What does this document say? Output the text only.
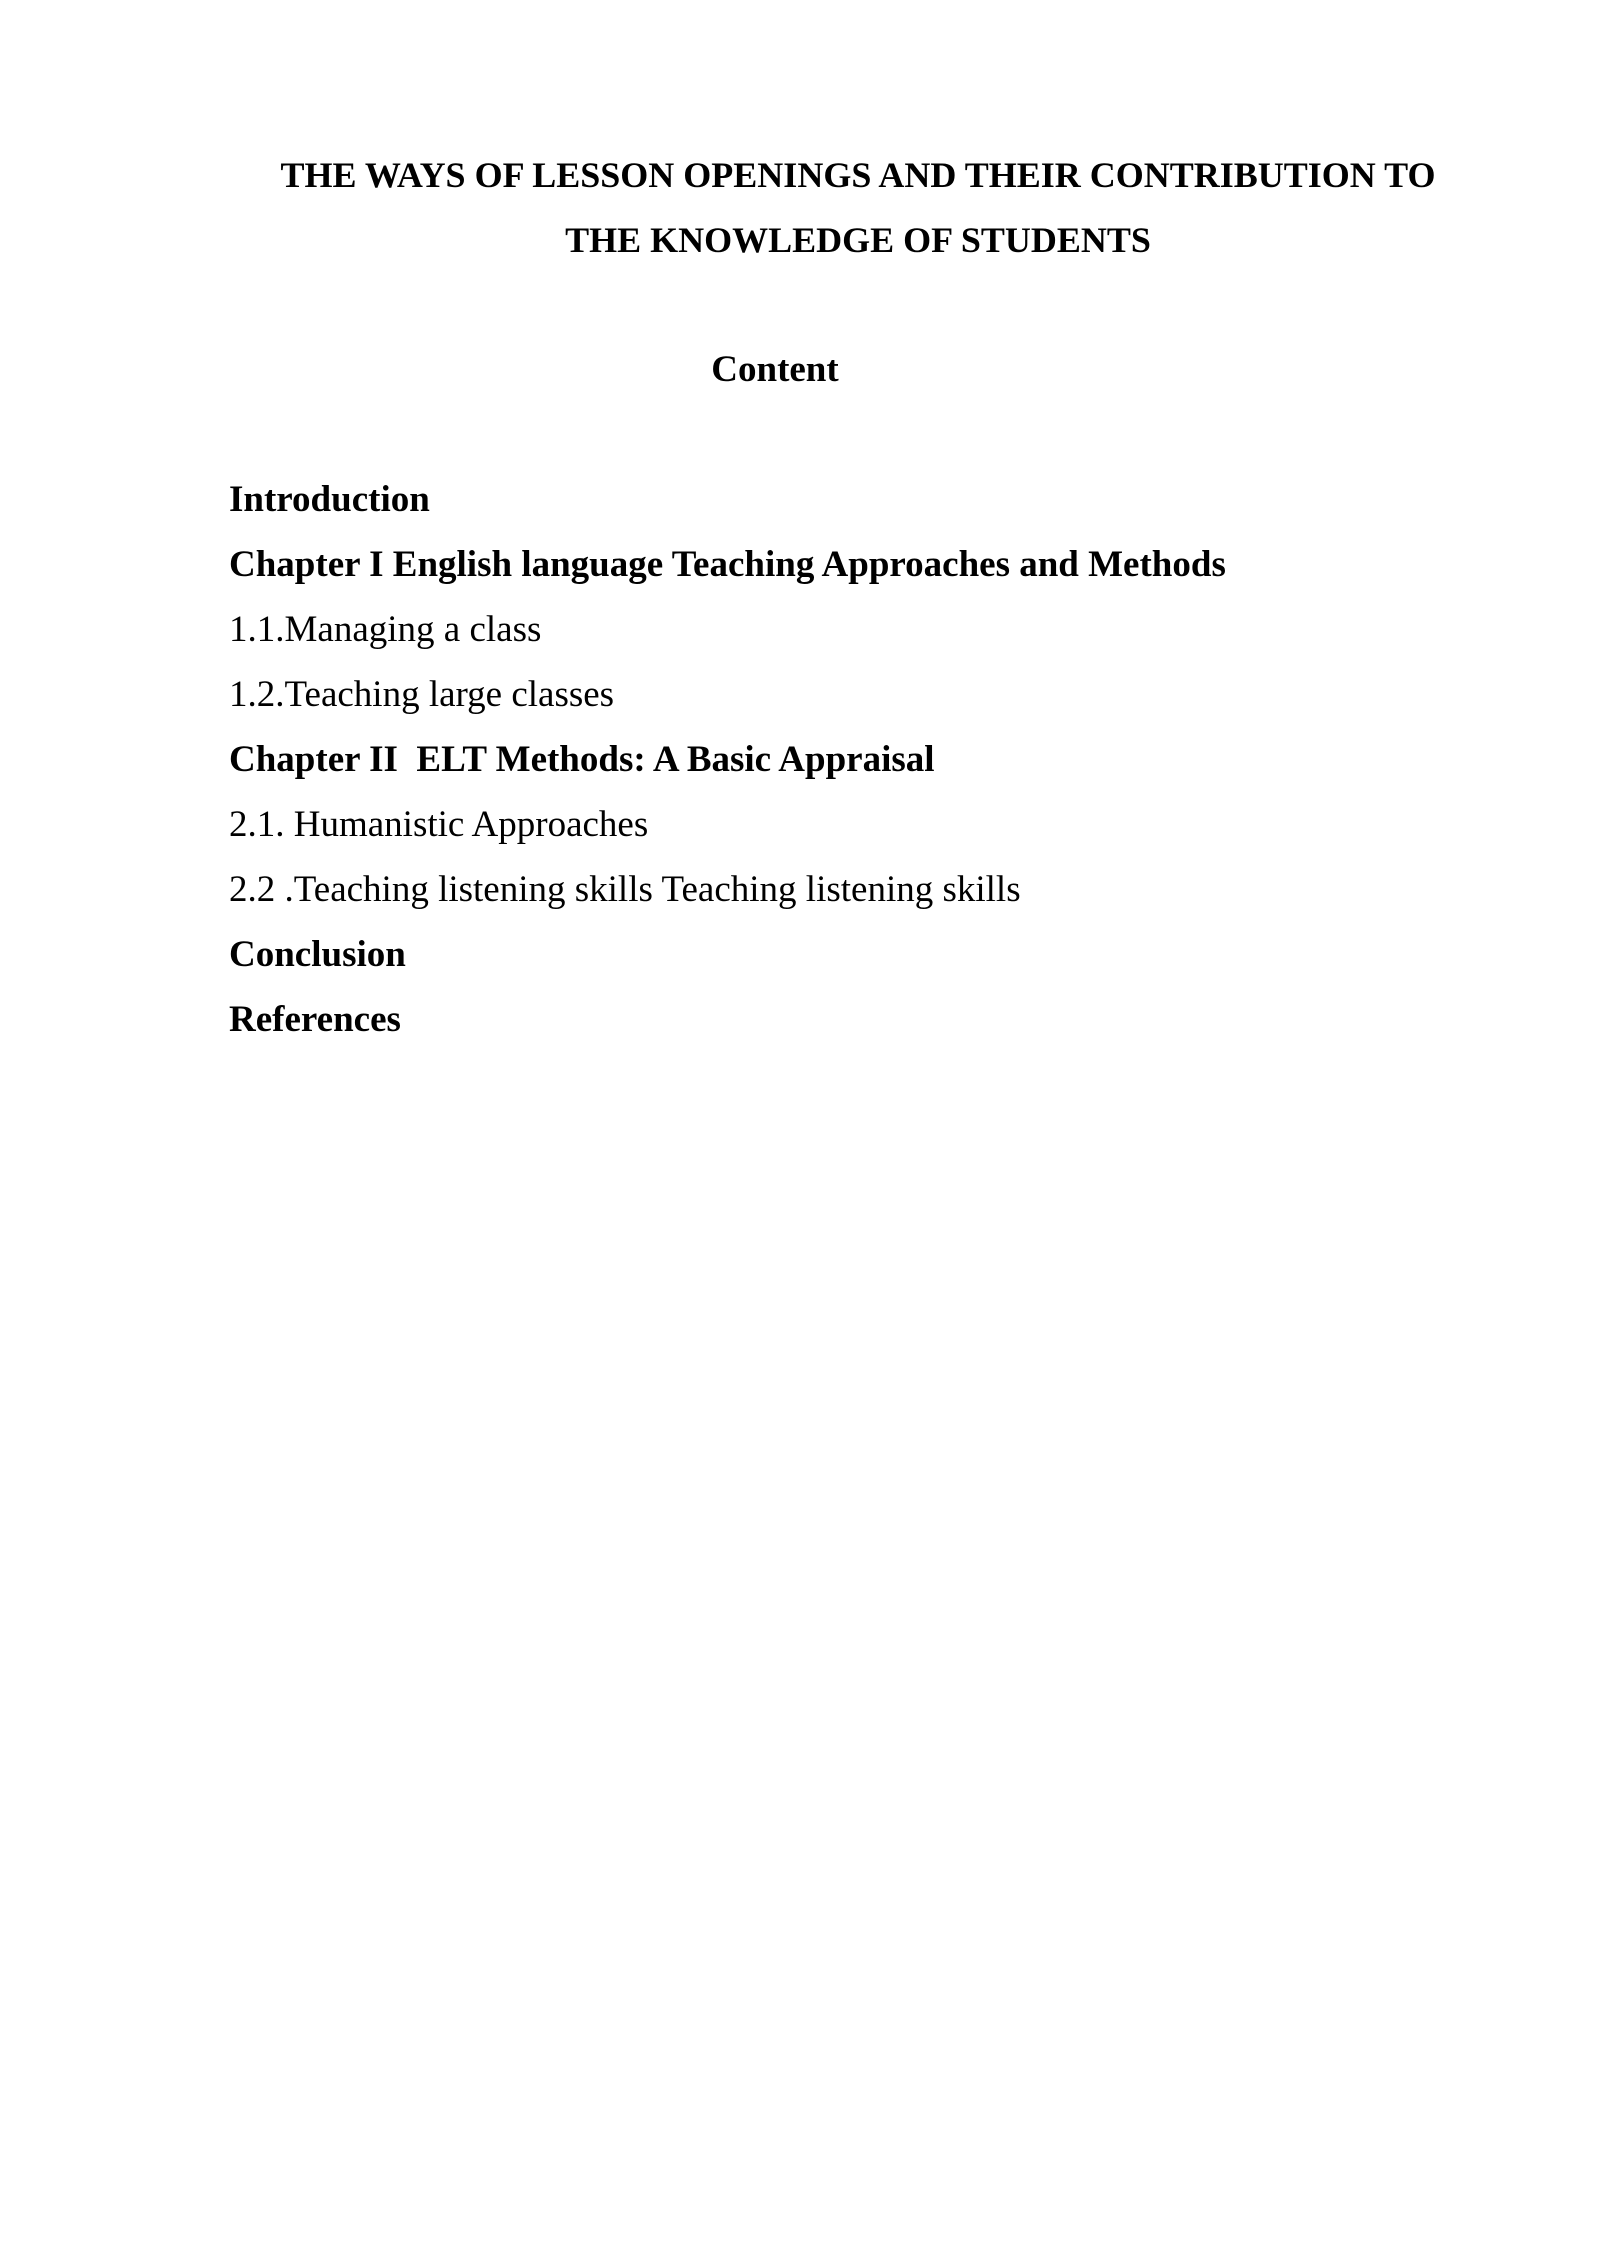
THE WAYS OF LESSON OPENINGS AND THEIR CONTRIBUTION TO
THE KNOWLEDGE OF STUDENTS
Content
Introduction
Chapter I English language Teaching Approaches and Methods
1.1.Managing a class
1.2.Teaching large classes
Chapter II  ELT Methods: A Basic Appraisal
2.1. Humanistic Approaches
2.2 .Teaching listening skills Teaching listening skills
Conclusion
References
